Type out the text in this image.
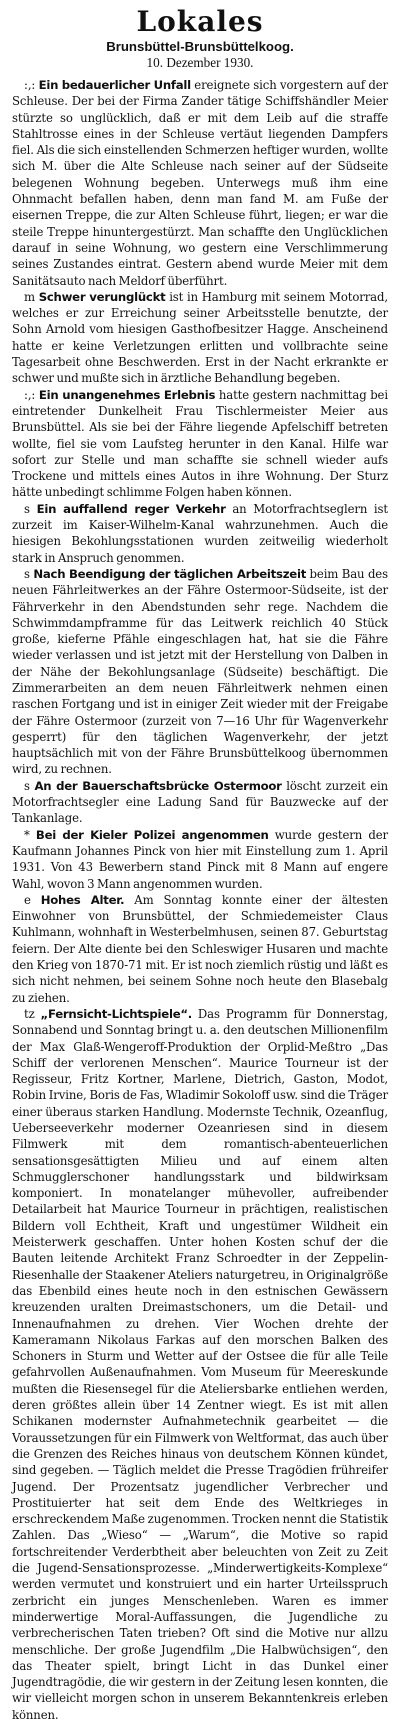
Lokales
Brunsbüttel-Brunsbüttelkoog.
10. Dezember 1930.

:,: Ein bedauerlicher Unfall ereignete sich vorgestern auf der Schleuse. Der bei der Firma Zander tätige Schiffshändler Meier stürzte so unglücklich, daß er mit dem Leib auf die straffe Stahltrosse eines in der Schleuse vertäut liegenden Dampfers fiel. Als die sich einstellenden Schmerzen heftiger wurden, wollte sich M. über die Alte Schleuse nach seiner auf der Südseite belegenen Wohnung begeben. Unterwegs muß ihm eine Ohnmacht befallen haben, denn man fand M. am Fuße der eisernen Treppe, die zur Alten Schleuse führt, liegen; er war die steile Treppe hinuntergestürzt. Man schaffte den Unglücklichen darauf in seine Wohnung, wo gestern eine Verschlimmerung seines Zustandes eintrat. Gestern abend wurde Meier mit dem Sanitätsauto nach Meldorf überführt.

m Schwer verunglückt ist in Hamburg mit seinem Motorrad, welches er zur Erreichung seiner Arbeitsstelle benutzte, der Sohn Arnold vom hiesigen Gasthofbesitzer Hagge. Anscheinend hatte er keine Verletzungen erlitten und vollbrachte seine Tagesarbeit ohne Beschwerden. Erst in der Nacht erkrankte er schwer und mußte sich in ärztliche Behandlung begeben.

:,: Ein unangenehmes Erlebnis hatte gestern nachmittag bei eintretender Dunkelheit Frau Tischlermeister Meier aus Brunsbüttel. Als sie bei der Fähre liegende Apfelschiff betreten wollte, fiel sie vom Laufsteg herunter in den Kanal. Hilfe war sofort zur Stelle und man schaffte sie schnell wieder aufs Trockene und mittels eines Autos in ihre Wohnung. Der Sturz hätte unbedingt schlimme Folgen haben können.

s Ein auffallend reger Verkehr an Motorfrachtseglern ist zurzeit im Kaiser-Wilhelm-Kanal wahrzunehmen. Auch die hiesigen Bekohlungsstationen wurden zeitweilig wiederholt stark in Anspruch genommen.

s Nach Beendigung der täglichen Arbeitszeit beim Bau des neuen Fährleitwerkes an der Fähre Ostermoor-Südseite, ist der Fährverkehr in den Abendstunden sehr rege. Nachdem die Schwimmdampframme für das Leitwerk reichlich 40 Stück große, kieferne Pfähle eingeschlagen hat, hat sie die Fähre wieder verlassen und ist jetzt mit der Herstellung von Dalben in der Nähe der Bekohlungsanlage (Südseite) beschäftigt. Die Zimmerarbeiten an dem neuen Fährleitwerk nehmen einen raschen Fortgang und ist in einiger Zeit wieder mit der Freigabe der Fähre Ostermoor (zurzeit von 7—16 Uhr für Wagenverkehr gesperrt) für den täglichen Wagenverkehr, der jetzt hauptsächlich mit von der Fähre Brunsbüttelkoog übernommen wird, zu rechnen.

s An der Bauerschaftsbrücke Ostermoor löscht zurzeit ein Motorfrachtsegler eine Ladung Sand für Bauzwecke auf der Tankanlage.

* Bei der Kieler Polizei angenommen wurde gestern der Kaufmann Johannes Pinck von hier mit Einstellung zum 1. April 1931. Von 43 Bewerbern stand Pinck mit 8 Mann auf engere Wahl, wovon 3 Mann angenommen wurden.

e Hohes Alter. Am Sonntag konnte einer der ältesten Einwohner von Brunsbüttel, der Schmiedemeister Claus Kuhlmann, wohnhaft in Westerbelmhusen, seinen 87. Geburtstag feiern. Der Alte diente bei den Schleswiger Husaren und machte den Krieg von 1870-71 mit. Er ist noch ziemlich rüstig und läßt es sich nicht nehmen, bei seinem Sohne noch heute den Blasebalg zu ziehen.

tz „Fernsicht-Lichtspiele“. Das Programm für Donnerstag, Sonnabend und Sonntag bringt u. a. den deutschen Millionenfilm der Max Glaß-Wengeroff-Produktion der Orplid-Meßtro „Das Schiff der verlorenen Menschen“. Maurice Tourneur ist der Regisseur, Fritz Kortner, Marlene, Dietrich, Gaston, Modot, Robin Irvine, Boris de Fas, Wladimir Sokoloff usw. sind die Träger einer überaus starken Handlung. Modernste Technik, Ozeanflug, Ueberseeverkehr moderner Ozeanriesen sind in diesem Filmwerk mit dem romantisch-abenteuerlichen sensationsgesättigten Milieu und auf einem alten Schmugglerschoner handlungsstark und bildwirksam komponiert. In monatelanger mühevoller, aufreibender Detailarbeit hat Maurice Tourneur in prächtigen, realistischen Bildern voll Echtheit, Kraft und ungestümer Wildheit ein Meisterwerk geschaffen. Unter hohen Kosten schuf der die Bauten leitende Architekt Franz Schroedter in der Zeppelin-Riesenhalle der Staakener Ateliers naturgetreu, in Originalgröße das Ebenbild eines heute noch in den estnischen Gewässern kreuzenden uralten Dreimastschoners, um die Detail- und Innenaufnahmen zu drehen. Vier Wochen drehte der Kameramann Nikolaus Farkas auf den morschen Balken des Schoners in Sturm und Wetter auf der Ostsee die für alle Teile gefahrvollen Außenaufnahmen. Vom Museum für Meereskunde mußten die Riesensegel für die Ateliersbarke entliehen werden, deren größtes allein über 14 Zentner wiegt. Es ist mit allen Schikanen modernster Aufnahmetechnik gearbeitet — die Voraussetzungen für ein Filmwerk von Weltformat, das auch über die Grenzen des Reiches hinaus von deutschem Können kündet, sind gegeben. — Täglich meldet die Presse Tragödien frühreifer Jugend. Der Prozentsatz jugendlicher Verbrecher und Prostituierter hat seit dem Ende des Weltkrieges in erschreckendem Maße zugenommen. Trocken nennt die Statistik Zahlen. Das „Wieso“ — „Warum“, die Motive so rapid fortschreitender Verderbtheit aber beleuchten von Zeit zu Zeit die Jugend-Sensationsprozesse. „Minderwertigkeits-Komplexe“ werden vermutet und konstruiert und ein harter Urteilsspruch zerbricht ein junges Menschenleben. Waren es immer minderwertige Moral-Auffassungen, die Jugendliche zu verbrecherischen Taten trieben? Oft sind die Motive nur allzu menschliche. Der große Jugendfilm „Die Halbwüchsigen“, den das Theater spielt, bringt Licht in das Dunkel einer Jugendtragödie, die wir gestern in der Zeitung lesen konnten, die wir vielleicht morgen schon in unserem Bekanntenkreis erleben können.
